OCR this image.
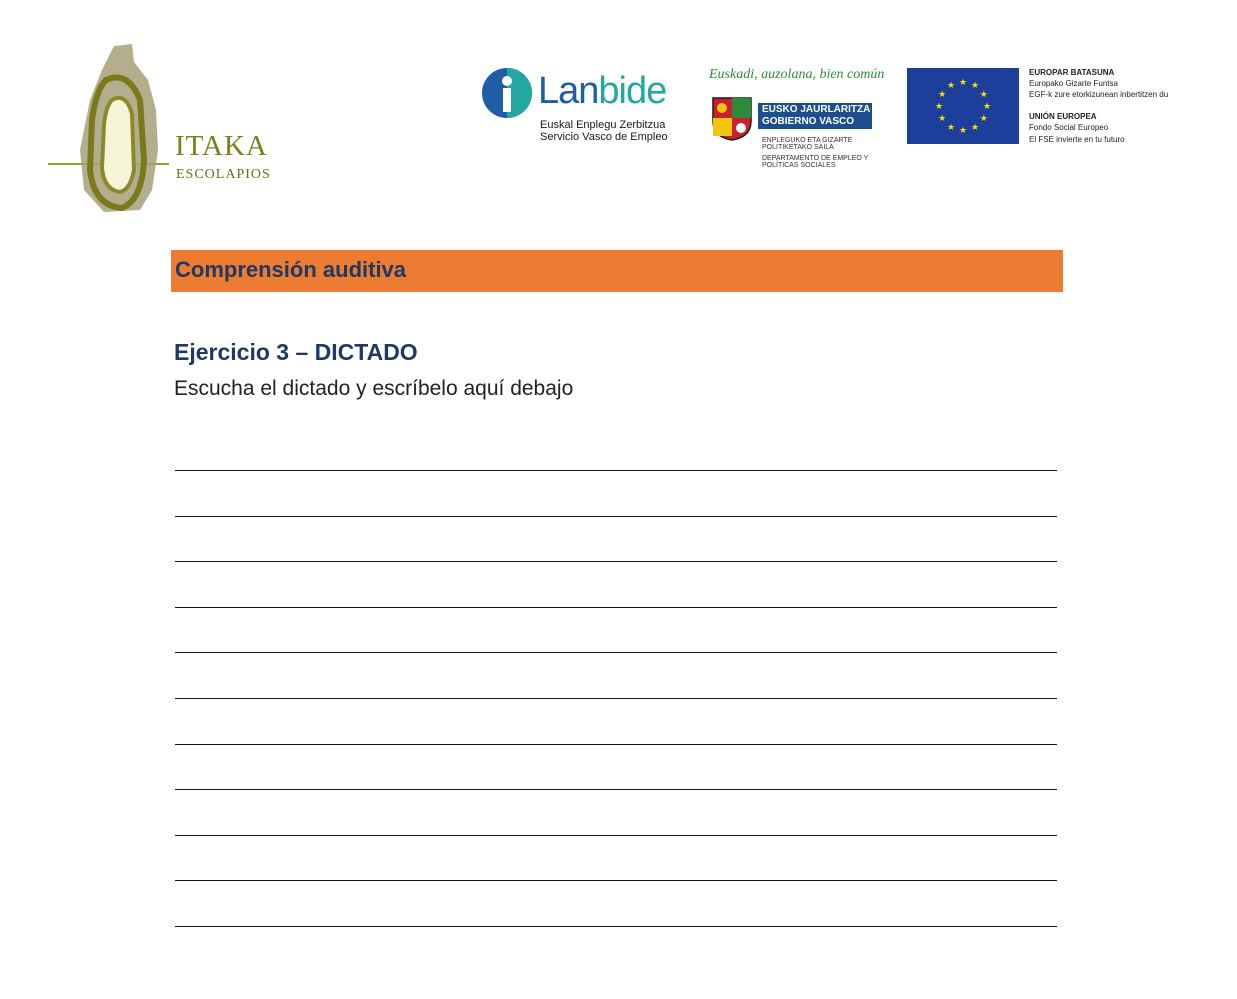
ITAKA
ESCOLAPIOS
Lanbide
Euskal Enplegu Zerbitzua
Servicio Vasco de Empleo
Euskadi, auzolana, bien común
EUSKO JAURLARITZA
GOBIERNO VASCO
ENPLEGUKO ETA GIZARTE POLITIKETAKO SAILA
DEPARTAMENTO DE EMPLEO Y POLÍTICAS SOCIALES
★ ★
★
★
★
★
★
★
★
★
★
★
EUROPAR BATASUNA
Europako Gizarte Funtsa
EGF-k zure etorkizunean inbertitzen du
UNIÓN EUROPEA
Fondo Social Europeo
El FSE invierte en tu futuro
Comprensión auditiva
Ejercicio 3 – DICTADO
Escucha el dictado y escríbelo aquí debajo
